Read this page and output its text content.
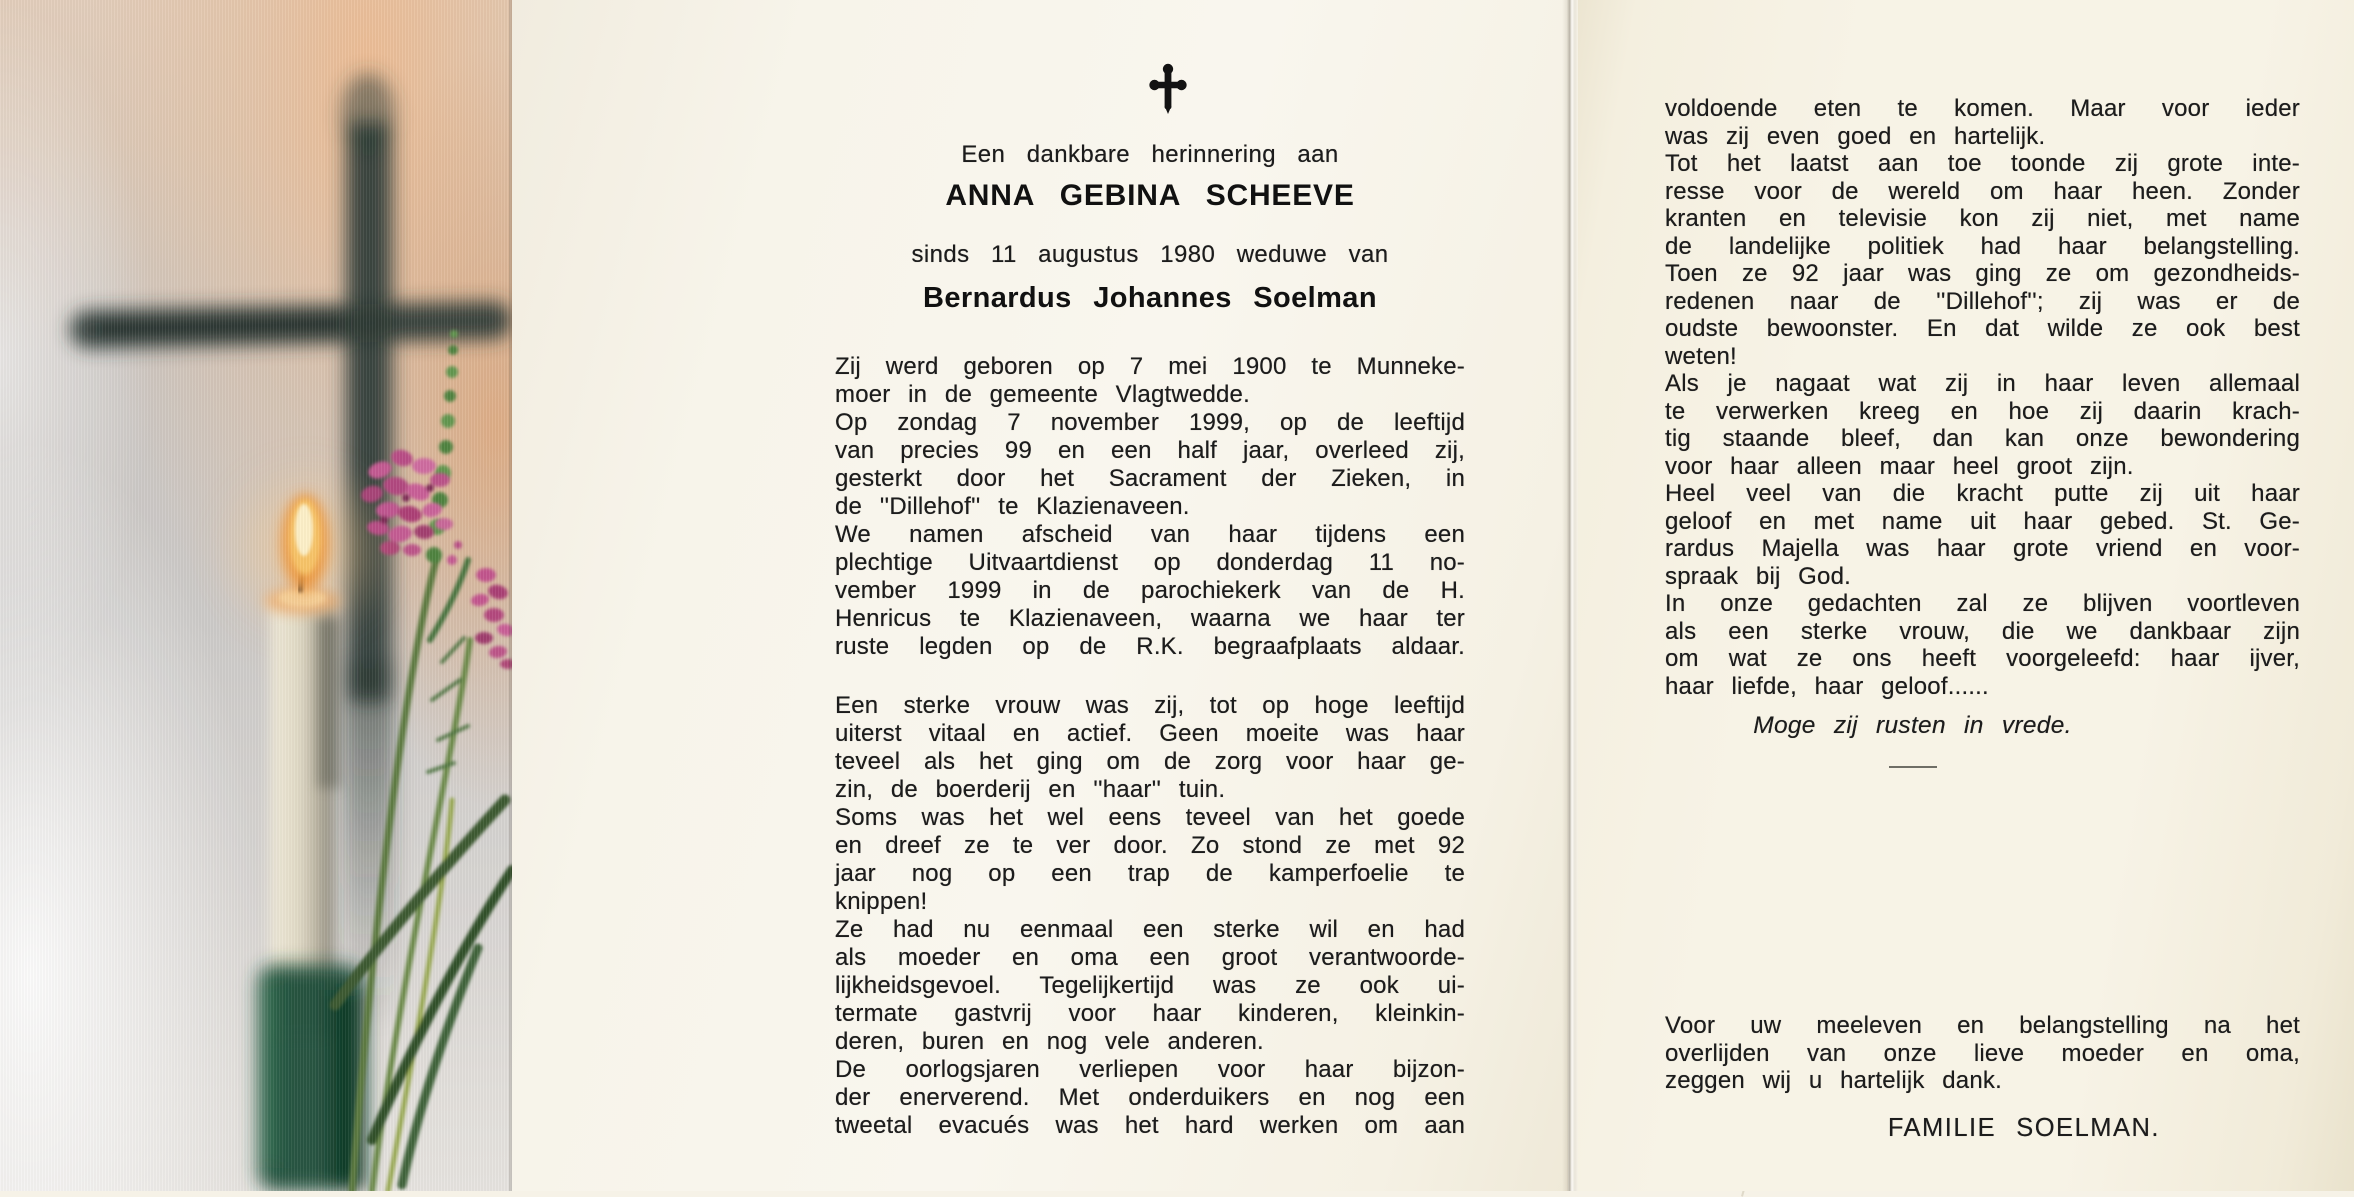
Een dankbare herinnering aan
ANNA GEBINA SCHEEVE
sinds 11 augustus 1980 weduwe van
Bernardus Johannes Soelman
Zij werd geboren op 7 mei 1900 te Munneke-
moer in de gemeente Vlagtwedde.
Op zondag 7 november 1999, op de leeftijd
van precies 99 en een half jaar, overleed zij,
gesterkt door het Sacrament der Zieken, in
de ''Dillehof'' te Klazienaveen.
We namen afscheid van haar tijdens een
plechtige Uitvaartdienst op donderdag 11 no-
vember 1999 in de parochiekerk van de H.
Henricus te Klazienaveen, waarna we haar ter
ruste legden op de R.K. begraafplaats aldaar.
Een sterke vrouw was zij, tot op hoge leeftijd
uiterst vitaal en actief. Geen moeite was haar
teveel als het ging om de zorg voor haar ge-
zin, de boerderij en ''haar'' tuin.
Soms was het wel eens teveel van het goede
en dreef ze te ver door. Zo stond ze met 92
jaar nog op een trap de kamperfoelie te
knippen!
Ze had nu eenmaal een sterke wil en had
als moeder en oma een groot verantwoorde-
lijkheidsgevoel. Tegelijkertijd was ze ook ui-
termate gastvrij voor haar kinderen, kleinkin-
deren, buren en nog vele anderen.
De oorlogsjaren verliepen voor haar bijzon-
der enerverend. Met onderduikers en nog een
tweetal evacués was het hard werken om aan
voldoende eten te komen. Maar voor ieder
was zij even goed en hartelijk.
Tot het laatst aan toe toonde zij grote inte-
resse voor de wereld om haar heen. Zonder
kranten en televisie kon zij niet, met name
de landelijke politiek had haar belangstelling.
Toen ze 92 jaar was ging ze om gezondheids-
redenen naar de ''Dillehof''; zij was er de
oudste bewoonster. En dat wilde ze ook best
weten!
Als je nagaat wat zij in haar leven allemaal
te verwerken kreeg en hoe zij daarin krach-
tig staande bleef, dan kan onze bewondering
voor haar alleen maar heel groot zijn.
Heel veel van die kracht putte zij uit haar
geloof en met name uit haar gebed. St. Ge-
rardus Majella was haar grote vriend en voor-
spraak bij God.
In onze gedachten zal ze blijven voortleven
als een sterke vrouw, die we dankbaar zijn
om wat ze ons heeft voorgeleefd: haar ijver,
haar liefde, haar geloof......
Moge zij rusten in vrede.
Voor uw meeleven en belangstelling na het
overlijden van onze lieve moeder en oma,
zeggen wij u hartelijk dank.
FAMILIE SOELMAN.
